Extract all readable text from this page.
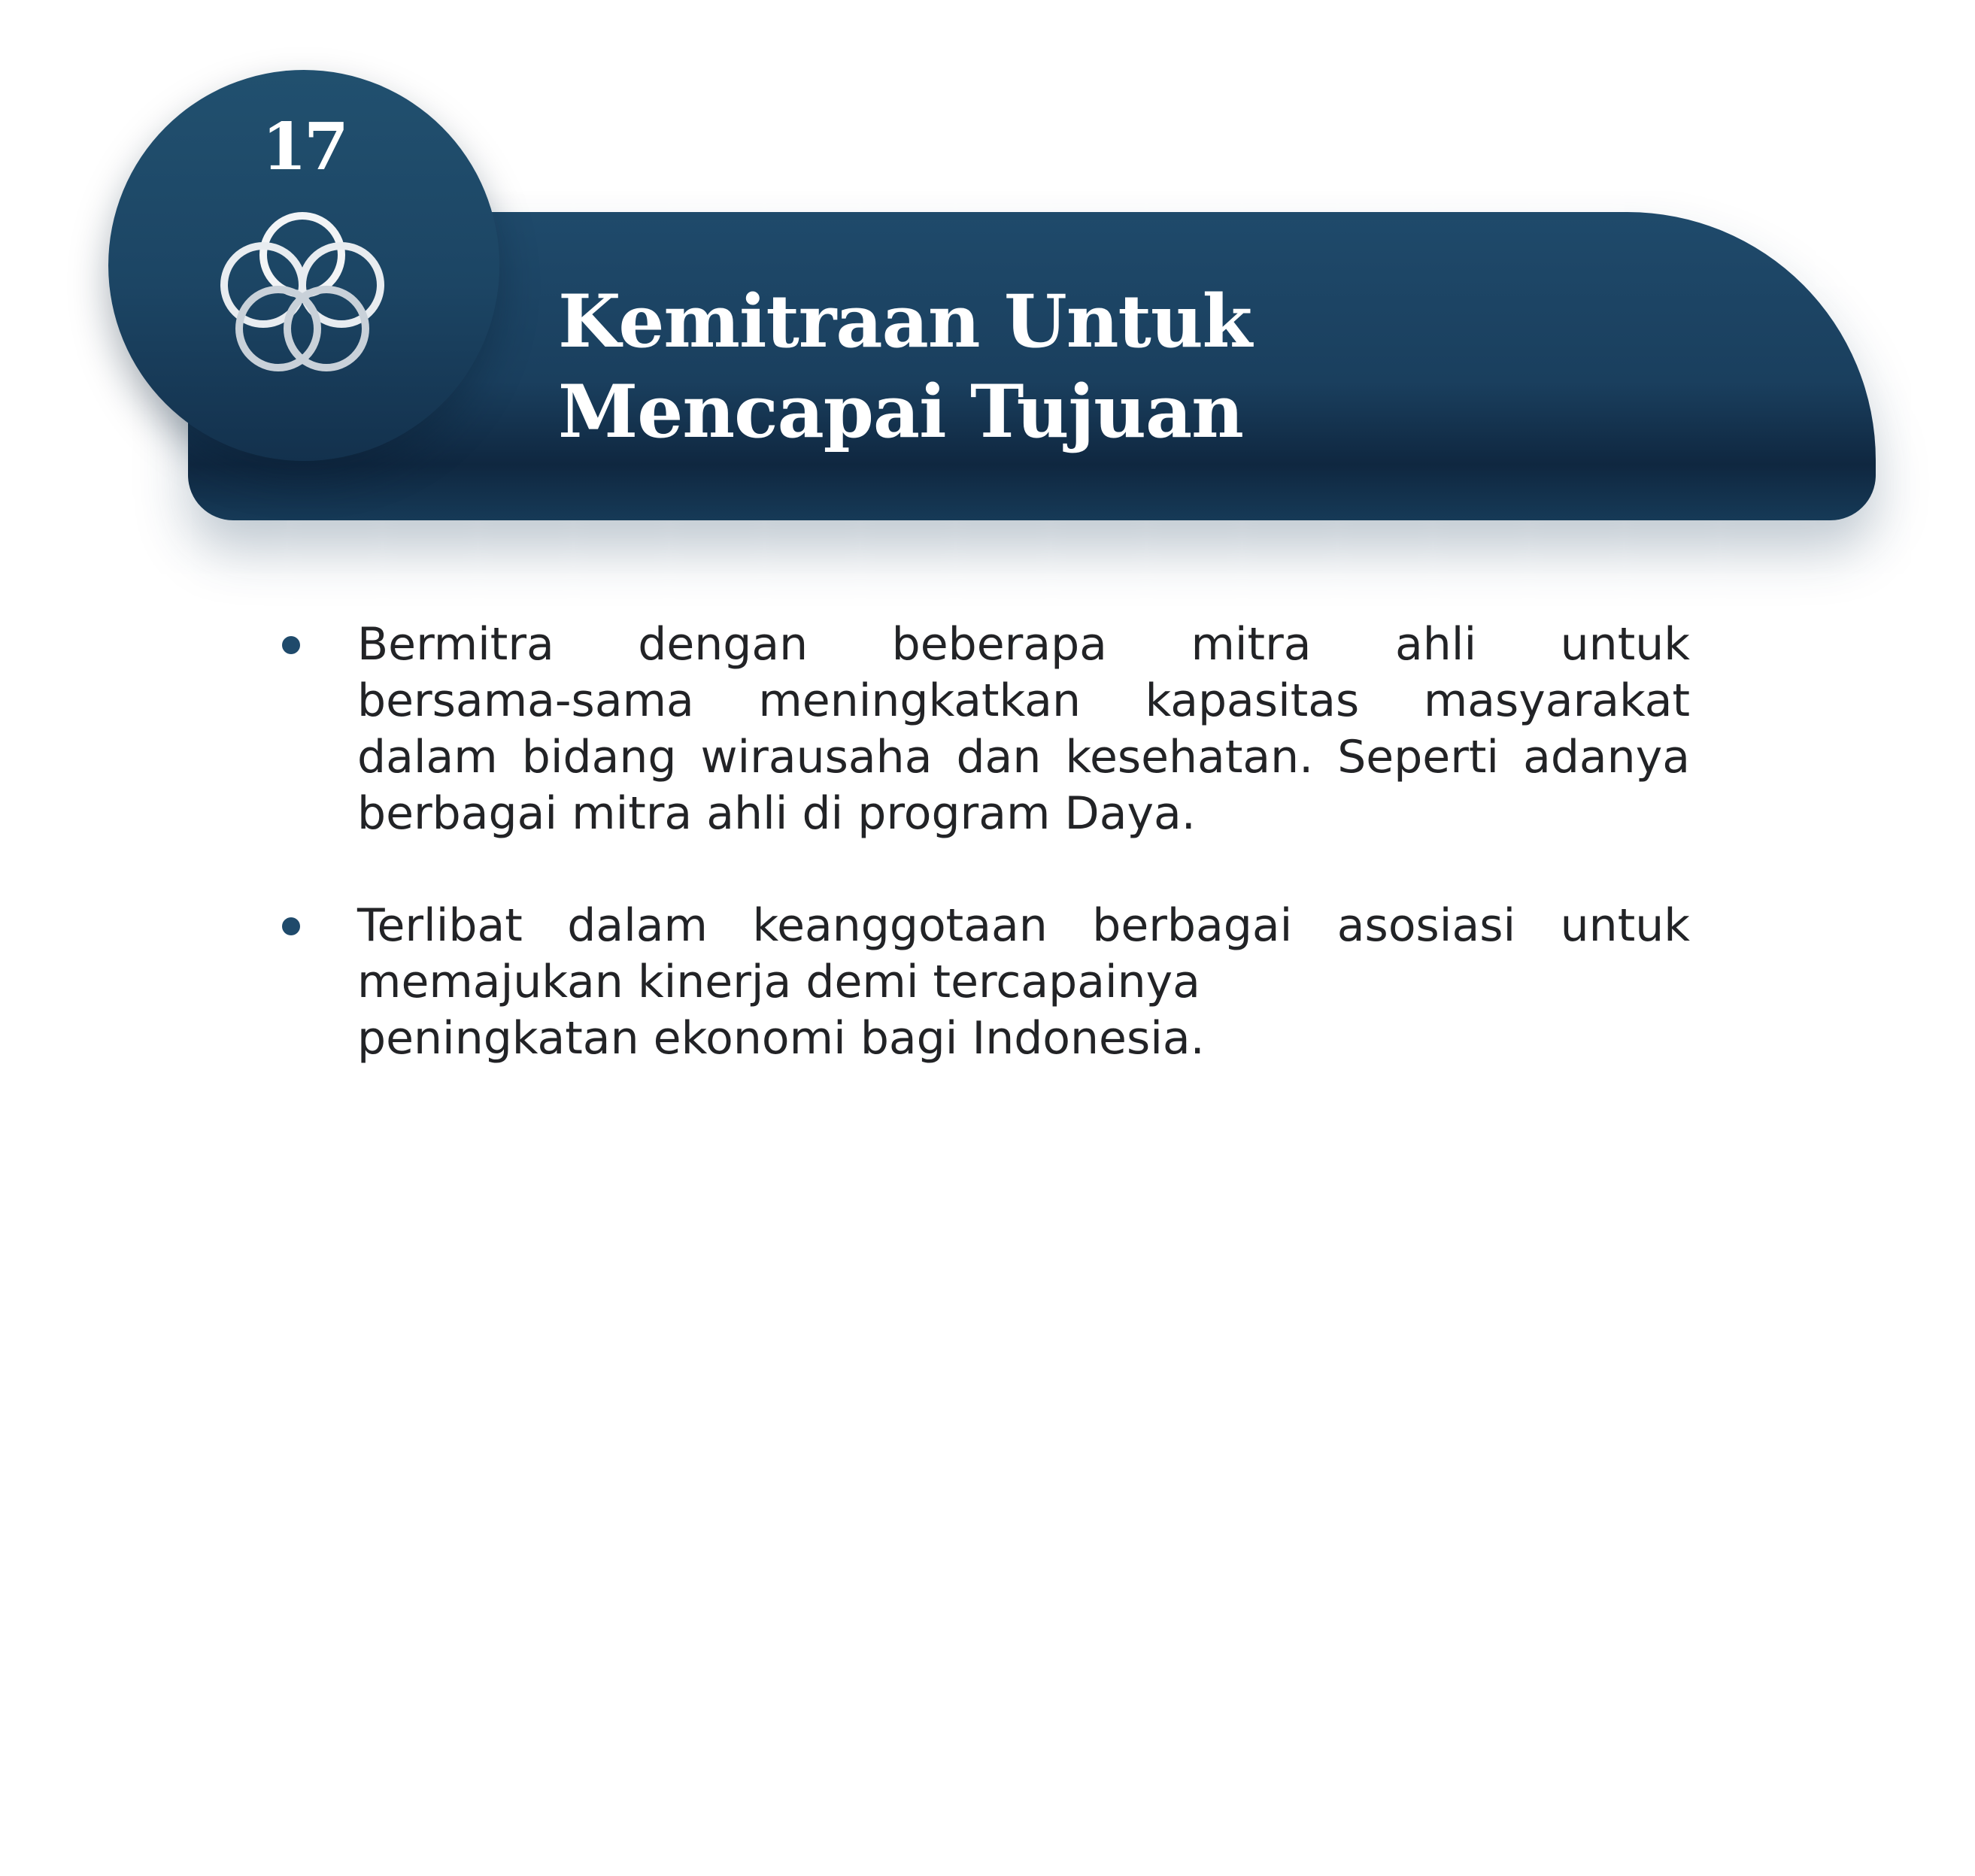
17
Kemitraan Untuk
Mencapai Tujuan
Bermitra dengan beberapa mitra ahli untuk
bersama-sama meningkatkan kapasitas masyarakat
dalam bidang wirausaha dan kesehatan. Seperti adanya
berbagai mitra ahli di program Daya.
Terlibat dalam keanggotaan berbagai asosiasi untuk
memajukan kinerja demi tercapainya
peningkatan ekonomi bagi Indonesia.
